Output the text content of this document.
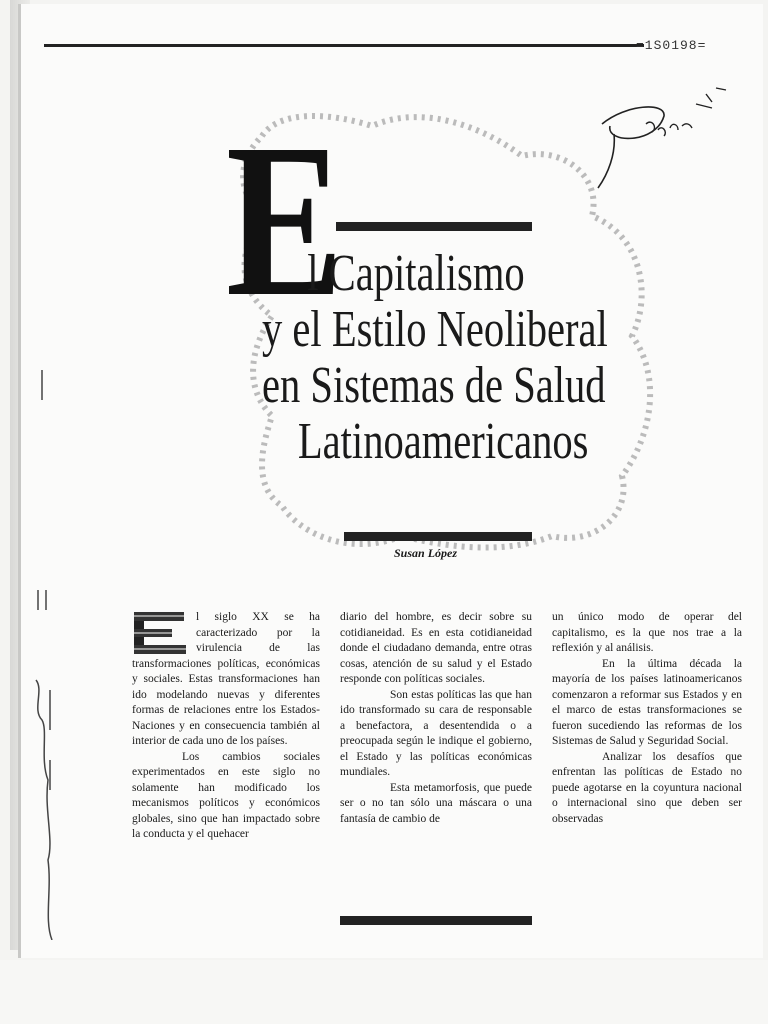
=1S0198=
E
l Capitalismo
y el Estilo Neoliberal
en Sistemas de Salud
Latinoamericanos
Susan López

l siglo XX se ha caracterizado por la virulencia de las transformaciones políticas, económicas y sociales. Estas transformaciones han ido modelando nuevas y diferentes formas de relaciones entre los Estados-Naciones y en consecuencia también al interior de cada uno de los países.

Los cambios sociales experimentados en este siglo no solamente han modificado los mecanismos políticos y económicos globales, sino que han impactado sobre la conducta y el quehacer

diario del hombre, es decir sobre su cotidianeidad. Es en esta cotidianeidad donde el ciudadano demanda, entre otras cosas, atención de su salud y el Estado responde con políticas sociales.

Son estas políticas las que han ido transformado su cara de responsable a benefactora, a desentendida o a preocupada según le indique el gobierno, el Estado y las políticas económicas mundiales.

Esta metamorfosis, que puede ser o no tan sólo una máscara o una fantasía de cambio de

un único modo de operar del capitalismo, es la que nos trae a la reflexión y al análisis.

En la última década la mayoría de los países latinoamericanos comenzaron a reformar sus Estados y en el marco de estas transformaciones se fueron sucediendo las reformas de los Sistemas de Salud y Seguridad Social.

Analizar los desafíos que enfrentan las políticas de Estado no puede agotarse en la coyuntura nacional o internacional sino que deben ser observadas
